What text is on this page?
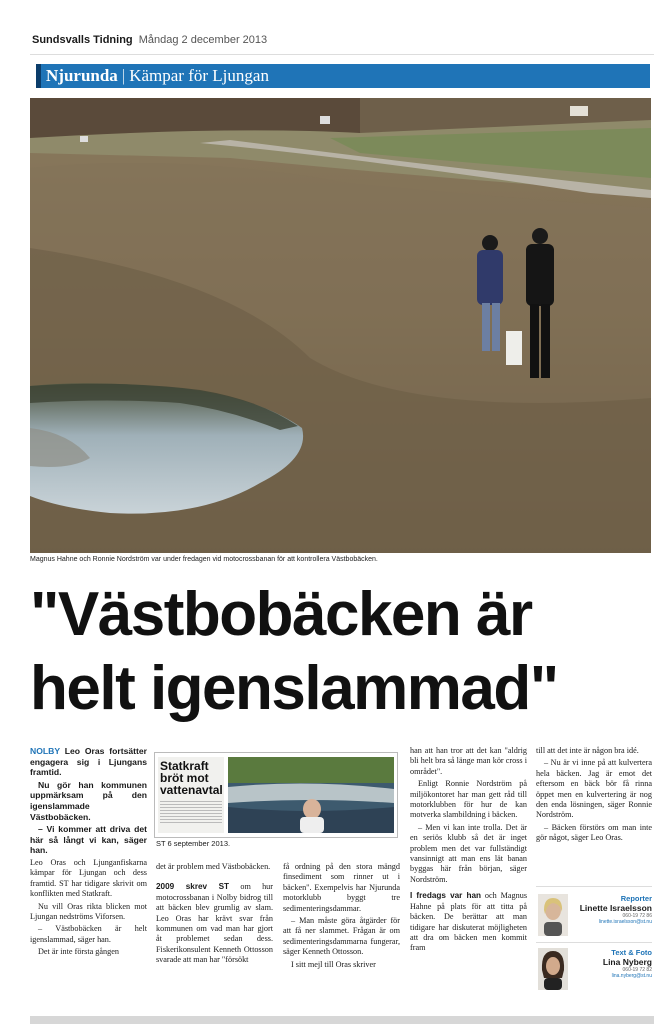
Sundsvalls Tidning Måndag 2 december 2013
Njurunda | Kämpar för Ljungan
Magnus Hahne och Ronnie Nordström var under fredagen vid motocrossbanan för att kontrollera Västbobäcken.
"Västbobäcken är
helt igenslammad"

NOLBY Leo Oras fortsätter engagera sig i Ljungans framtid.

Nu gör han kommunen uppmärksam på den igenslammade Västbobäcken.

– Vi kommer att driva det här så långt vi kan, säger han.

Leo Oras och Ljunganfiskarna kämpar för Ljungan och dess framtid. ST har tidigare skrivit om konflikten med Statkraft.

Nu vill Oras rikta blicken mot Ljungan nedströms Viforsen.

– Västbobäcken är helt igenslammad, säger han.

Det är inte första gången

Statkraft bröt mot vattenavtal
ST 6 september 2013.

det är problem med Västbobäcken.

2009 skrev ST om hur motocrossbanan i Nolby bidrog till att bäcken blev grumlig av slam. Leo Oras har krävt svar från kommunen om vad man har gjort åt problemet sedan dess. Fiskerikonsulent Kenneth Ottosson svarade att man har "försökt

få ordning på den stora mängd finsediment som rinner ut i bäcken". Exempelvis har Njurunda motorklubb byggt tre sedimenteringsdammar.

– Man måste göra åtgärder för att få ner slammet. Frågan är om sedimenteringsdammarna fungerar, säger Kenneth Ottosson.

I sitt mejl till Oras skriver

han att han tror att det kan "aldrig bli helt bra så länge man kör cross i området".

Enligt Ronnie Nordström på miljökontoret har man gett råd till motorklubben för hur de kan motverka slambildning i bäcken.

– Men vi kan inte trolla. Det är en seriös klubb så det är inget problem men det var fullständigt vansinnigt att man ens lät banan byggas här från början, säger Nordström.

I fredags var han och Magnus Hahne på plats för att titta på bäcken. De berättar att man tidigare har diskuterat möjligheten att dra om bäcken men kommit fram

till att det inte är någon bra idé.

– Nu är vi inne på att kulvertera hela bäcken. Jag är emot det eftersom en bäck bör få rinna öppet men en kulvertering är nog den enda lösningen, säger Ronnie Nordström.

– Bäcken förstörs om man inte gör något, säger Leo Oras.

Reporter
Linette Israelsson
060-19 72 86
linette.israelsson@st.nu
Text & Foto
Lina Nyberg
060-19 72 82
lina.nyberg@st.nu
